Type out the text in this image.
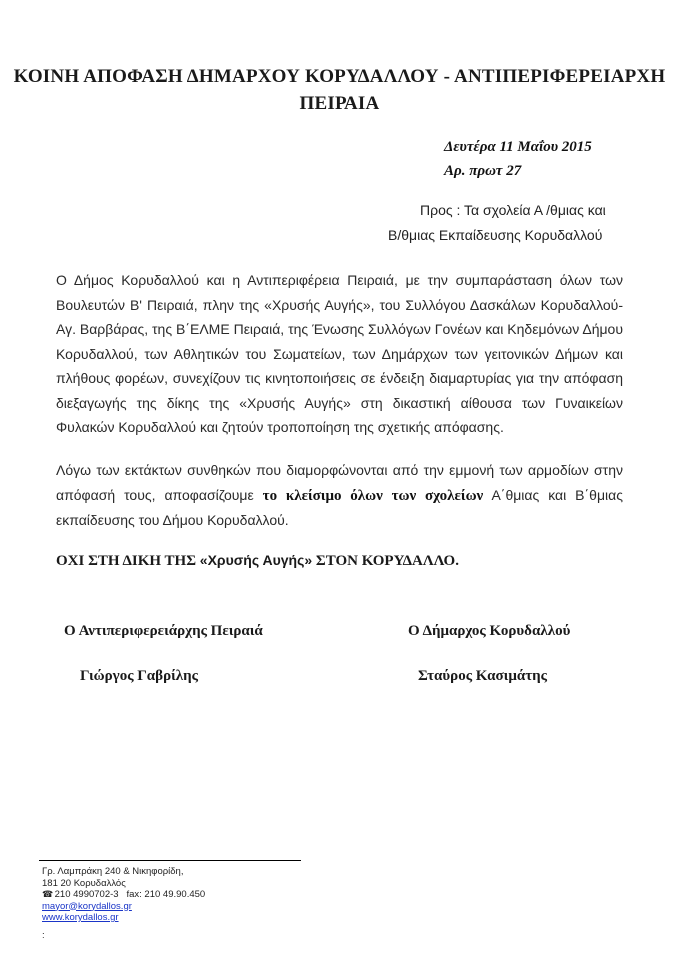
ΚΟΙΝΗ ΑΠΟΦΑΣΗ ΔΗΜΑΡΧΟΥ ΚΟΡΥΔΑΛΛΟΥ - ΑΝΤΙΠΕΡΙΦΕΡΕΙΑΡΧΗ
ΠΕΙΡΑΙΑ
Δευτέρα 11 Μαΐου 2015
Αρ. πρωτ 27
Προς : Τα σχολεία Α /θμιας και
Β/θμιας Εκπαίδευσης Κορυδαλλού
Ο Δήμος Κορυδαλλού και η Αντιπεριφέρεια Πειραιά, με την συμπαράσταση όλων των Βουλευτών Β' Πειραιά, πλην της «Χρυσής Αυγής», του Συλλόγου Δασκάλων Κορυδαλλού- Αγ. Βαρβάρας, της Β΄ΕΛΜΕ Πειραιά, της Ένωσης Συλλόγων Γονέων και Κηδεμόνων Δήμου Κορυδαλλού, των Αθλητικών του Σωματείων, των Δημάρχων των γειτονικών Δήμων και πλήθους φορέων, συνεχίζουν τις κινητοποιήσεις σε ένδειξη διαμαρτυρίας για την απόφαση διεξαγωγής της δίκης της «Χρυσής Αυγής» στη δικαστική αίθουσα των Γυναικείων Φυλακών Κορυδαλλού και ζητούν τροποποίηση της σχετικής απόφασης.
Λόγω των εκτάκτων συνθηκών που διαμορφώνονται από την εμμονή των αρμοδίων στην απόφασή τους, αποφασίζουμε το κλείσιμο όλων των σχολείων Α΄θμιας και Β΄θμιας εκπαίδευσης του Δήμου Κορυδαλλού.
ΟΧΙ ΣΤΗ ΔΙΚΗ ΤΗΣ «Χρυσής Αυγής» ΣΤΟΝ ΚΟΡΥΔΑΛΛΟ.
Ο Αντιπεριφερειάρχης Πειραιά
Γιώργος Γαβρίλης
Ο Δήμαρχος Κορυδαλλού
Σταύρος Κασιμάτης
Γρ. Λαμπράκη 240 & Νικηφορίδη,
181 20 Κορυδαλλός
☎ 210 4990702-3 fax: 210 49.90.450
mayor@korydallos.gr
www.korydallos.gr
:
